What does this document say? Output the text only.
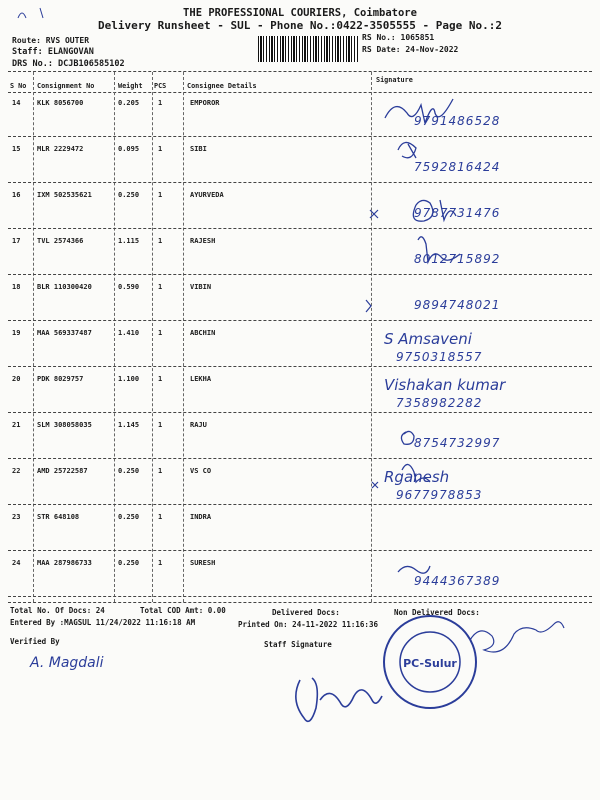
THE PROFESSIONAL COURIERS, Coimbatore
Delivery Runsheet - SUL - Phone No.:0422-3505555 - Page No.:2
Route: RVS OUTER
Staff: ELANGOVAN
DRS No.: DCJB106585102
RS No.: 1065851
RS Date: 24-Nov-2022
S No Consignment No	Weight PCS	Consignee Details
Signature
14 KLK 8056700	0.205	1	EMPOROR
9791486528
15 MLR 2229472	0.095	1	SIBI
7592816424
16 IXM 502535621	0.250	1	AYURVEDA
9787731476
17 TVL 2574366	1.115	1	RAJESH
8012715892
18 BLR 110300420	0.590	1	VIBIN
9894748021
19 MAA 569337487	1.410	1	ABCHIN	S Amsaveni
9750318557
20 PDK 8029757	1.100	1	LEKHA	Vishakan kumar
7358982282
21 SLM 308058035	1.145	1	RAJU
8754732997
22 AMD 25722587	0.250	1	VS CO	Rganesh
9677978853
23 STR 648108	0.250	1	INDRA
24 MAA 287986733	0.250	1	SURESH
9444367389
Total No. Of Docs: 24	Total COD Amt: 0.00	Delivered Docs:	Non Delivered Docs:
Entered By :MAGSUL 11/24/2022 11:16:18 AM	Printed On: 24-11-2022 11:16:36
Verified By	Staff Signature
A. Magdali	PC-Sulur
